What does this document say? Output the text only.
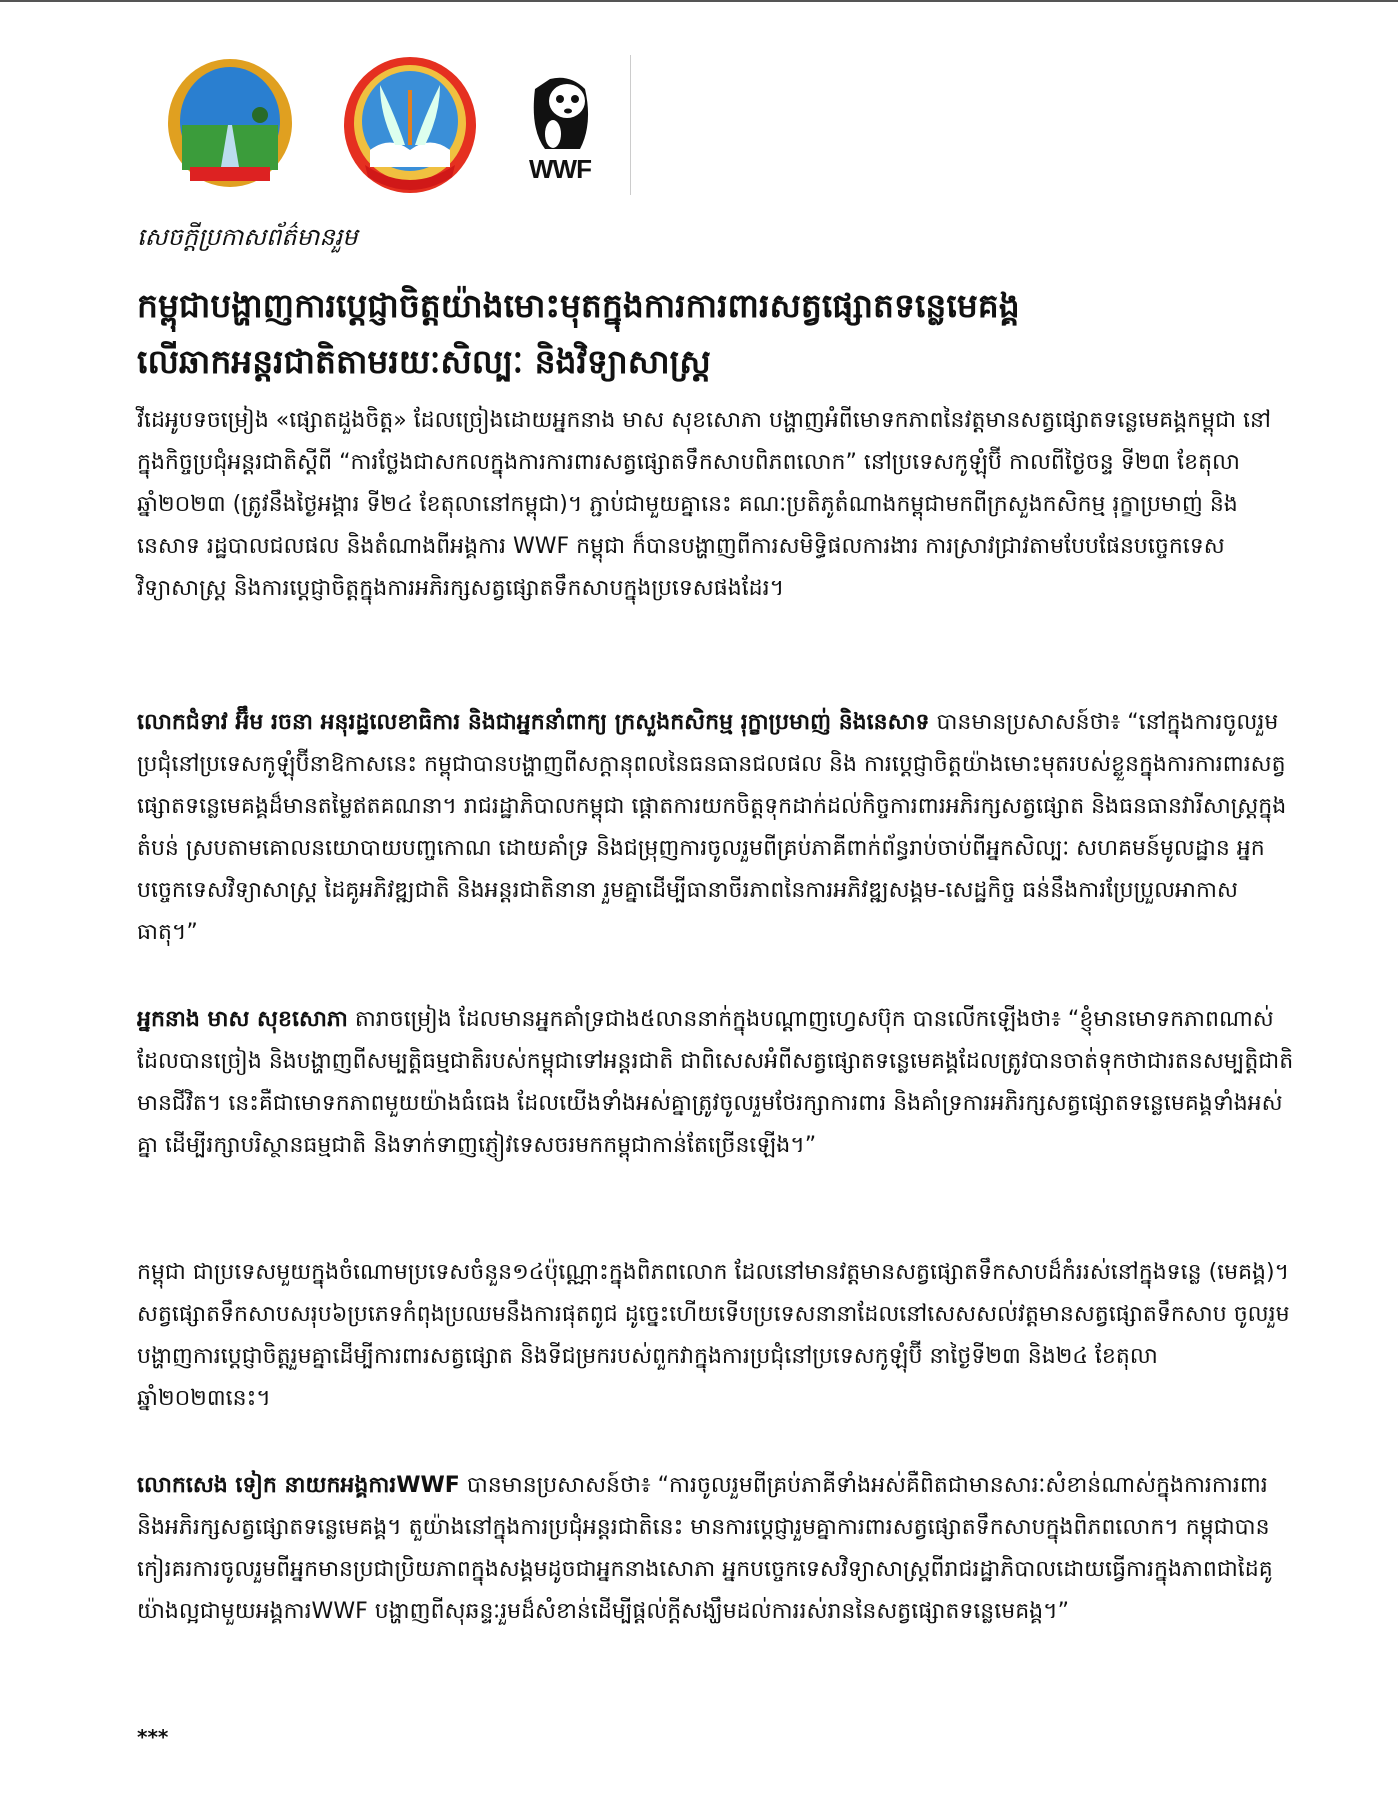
WWF
សេចក្តីប្រកាសព័ត៌មានរួម
កម្ពុជាបង្ហាញការប្តេជ្ញាចិត្តយ៉ាងមោះមុតក្នុងការការពារសត្វផ្សោតទន្លេមេគង្គ
លើឆាកអន្តរជាតិតាមរយៈសិល្បៈ និងវិទ្យាសាស្ត្រ
វីដេអូបទចម្រៀង «ផ្សោតដួងចិត្ត» ដែលច្រៀងដោយអ្នកនាង មាស សុខសោភា បង្ហាញអំពីមោទកភាពនៃវត្តមានសត្វផ្សោតទន្លេមេគង្គកម្ពុជា នៅក្នុងកិច្ចប្រជុំអន្តរជាតិស្តីពី “ការថ្លែងជាសកលក្នុងការការពារសត្វផ្សោតទឹកសាបពិភពលោក” នៅប្រទេសកូឡុំប៊ី កាលពីថ្ងៃចន្ទ ទី២៣ ខែតុលា ឆ្នាំ២០២៣ (ត្រូវនឹងថ្ងៃអង្គារ ទី២៤ ខែតុលានៅកម្ពុជា)។ ភ្ជាប់ជាមួយគ្នានេះ គណៈប្រតិភូតំណាងកម្ពុជាមកពីក្រសួងកសិកម្ម រុក្ខាប្រមាញ់ និងនេសាទ រដ្ឋបាលជលផល និងតំណាងពីអង្គការ WWF កម្ពុជា ក៏បានបង្ហាញពីការសមិទ្ធិផលការងារ ការស្រាវជ្រាវតាមបែបផែនបច្ចេកទេសវិទ្យាសាស្ត្រ និងការប្តេជ្ញាចិត្តក្នុងការអភិរក្សសត្វផ្សោតទឹកសាបក្នុងប្រទេសផងដែរ។
លោកជំទាវ អ៊ឹម រចនា អនុរដ្ឋលេខាធិការ និងជាអ្នកនាំពាក្យ ក្រសួងកសិកម្ម រុក្ខាប្រមាញ់ និងនេសាទ បានមានប្រសាសន៍ថា៖ “នៅក្នុងការចូលរួមប្រជុំនៅប្រទេសកូឡុំប៊ីនាឱកាសនេះ កម្ពុជាបានបង្ហាញពីសក្តានុពលនៃធនធានជលផល និង ការប្តេជ្ញាចិត្តយ៉ាងមោះមុតរបស់ខ្លួនក្នុងការការពារសត្វផ្សោតទន្លេមេគង្គដ៏មានតម្លៃឥតគណនា។ រាជរដ្ឋាភិបាលកម្ពុជា ផ្តោតការយកចិត្តទុកដាក់ដល់កិច្ចការពារអភិរក្សសត្វផ្សោត និងធនធានវារីសាស្ត្រក្នុងតំបន់ ស្របតាមគោលនយោបាយបញ្ចកោណ ដោយគាំទ្រ និងជម្រុញការចូលរួមពីគ្រប់ភាគីពាក់ព័ន្ធរាប់ចាប់ពីអ្នកសិល្បៈ សហគមន៍មូលដ្ឋាន អ្នកបច្ចេកទេសវិទ្យាសាស្ត្រ ដៃគូអភិវឌ្ឍជាតិ និងអន្តរជាតិនានា រួមគ្នាដើម្បីធានាចីរភាពនៃការអភិវឌ្ឍសង្គម-សេដ្ឋកិច្ច ធន់នឹងការប្រែប្រួលអាកាសធាតុ។”
អ្នកនាង មាស សុខសោភា តារាចម្រៀង ដែលមានអ្នកគាំទ្រជាង៥លាននាក់ក្នុងបណ្តាញហ្វេសប៊ុក បានលើកឡើងថា៖ “ខ្ញុំមានមោទកភាពណាស់ដែលបានច្រៀង និងបង្ហាញពីសម្បត្តិធម្មជាតិរបស់កម្ពុជាទៅអន្តរជាតិ ជាពិសេសអំពីសត្វផ្សោតទន្លេមេគង្គដែលត្រូវបានចាត់ទុកថាជារតនសម្បត្តិជាតិមានជីវិត។ នេះគឺជាមោទកភាពមួយយ៉ាងធំធេង ដែលយើងទាំងអស់គ្នាត្រូវចូលរួមថែរក្សាការពារ និងគាំទ្រការអភិរក្សសត្វផ្សោតទន្លេមេគង្គទាំងអស់គ្នា ដើម្បីរក្សាបរិស្ថានធម្មជាតិ និងទាក់ទាញភ្ញៀវទេសចរមកកម្ពុជាកាន់តែច្រើនឡើង។”
កម្ពុជា ជាប្រទេសមួយក្នុងចំណោមប្រទេសចំនួន១៤ប៉ុណ្ណោះក្នុងពិភពលោក ដែលនៅមានវត្តមានសត្វផ្សោតទឹកសាបដ៏កំររស់នៅក្នុងទន្លេ (មេគង្គ)។ សត្វផ្សោតទឹកសាបសរុប៦ប្រភេទកំពុងប្រឈមនឹងការផុតពូជ ដូច្នេះហើយទើបប្រទេសនានាដែលនៅសេសសល់វត្តមានសត្វផ្សោតទឹកសាប ចូលរួមបង្ហាញការប្តេជ្ញាចិត្តរួមគ្នាដើម្បីការពារសត្វផ្សោត និងទីជម្រករបស់ពួកវាក្នុងការប្រជុំនៅប្រទេសកូឡុំប៊ី នាថ្ងៃទី២៣ និង២៤ ខែតុលា ឆ្នាំ២០២៣នេះ។
លោកសេង ទៀក នាយកអង្គការWWF បានមានប្រសាសន៍ថា៖ “ការចូលរួមពីគ្រប់ភាគីទាំងអស់គឺពិតជាមានសារៈសំខាន់ណាស់ក្នុងការការពារ និងអភិរក្សសត្វផ្សោតទន្លេមេគង្គ។ តួយ៉ាងនៅក្នុងការប្រជុំអន្តរជាតិនេះ មានការប្តេជ្ញារួមគ្នាការពារសត្វផ្សោតទឹកសាបក្នុងពិភពលោក។ កម្ពុជាបានកៀរគរការចូលរួមពីអ្នកមានប្រជាប្រិយភាពក្នុងសង្គមដូចជាអ្នកនាងសោភា អ្នកបច្ចេកទេសវិទ្យាសាស្ត្រពីរាជរដ្ឋាភិបាលដោយធ្វើការក្នុងភាពជាដៃគូយ៉ាងល្អជាមួយអង្គការWWF បង្ហាញពីសុឆន្ទៈរួមដ៏សំខាន់ដើម្បីផ្តល់ក្តីសង្ឃឹមដល់ការរស់រាននៃសត្វផ្សោតទន្លេមេគង្គ។”
***
